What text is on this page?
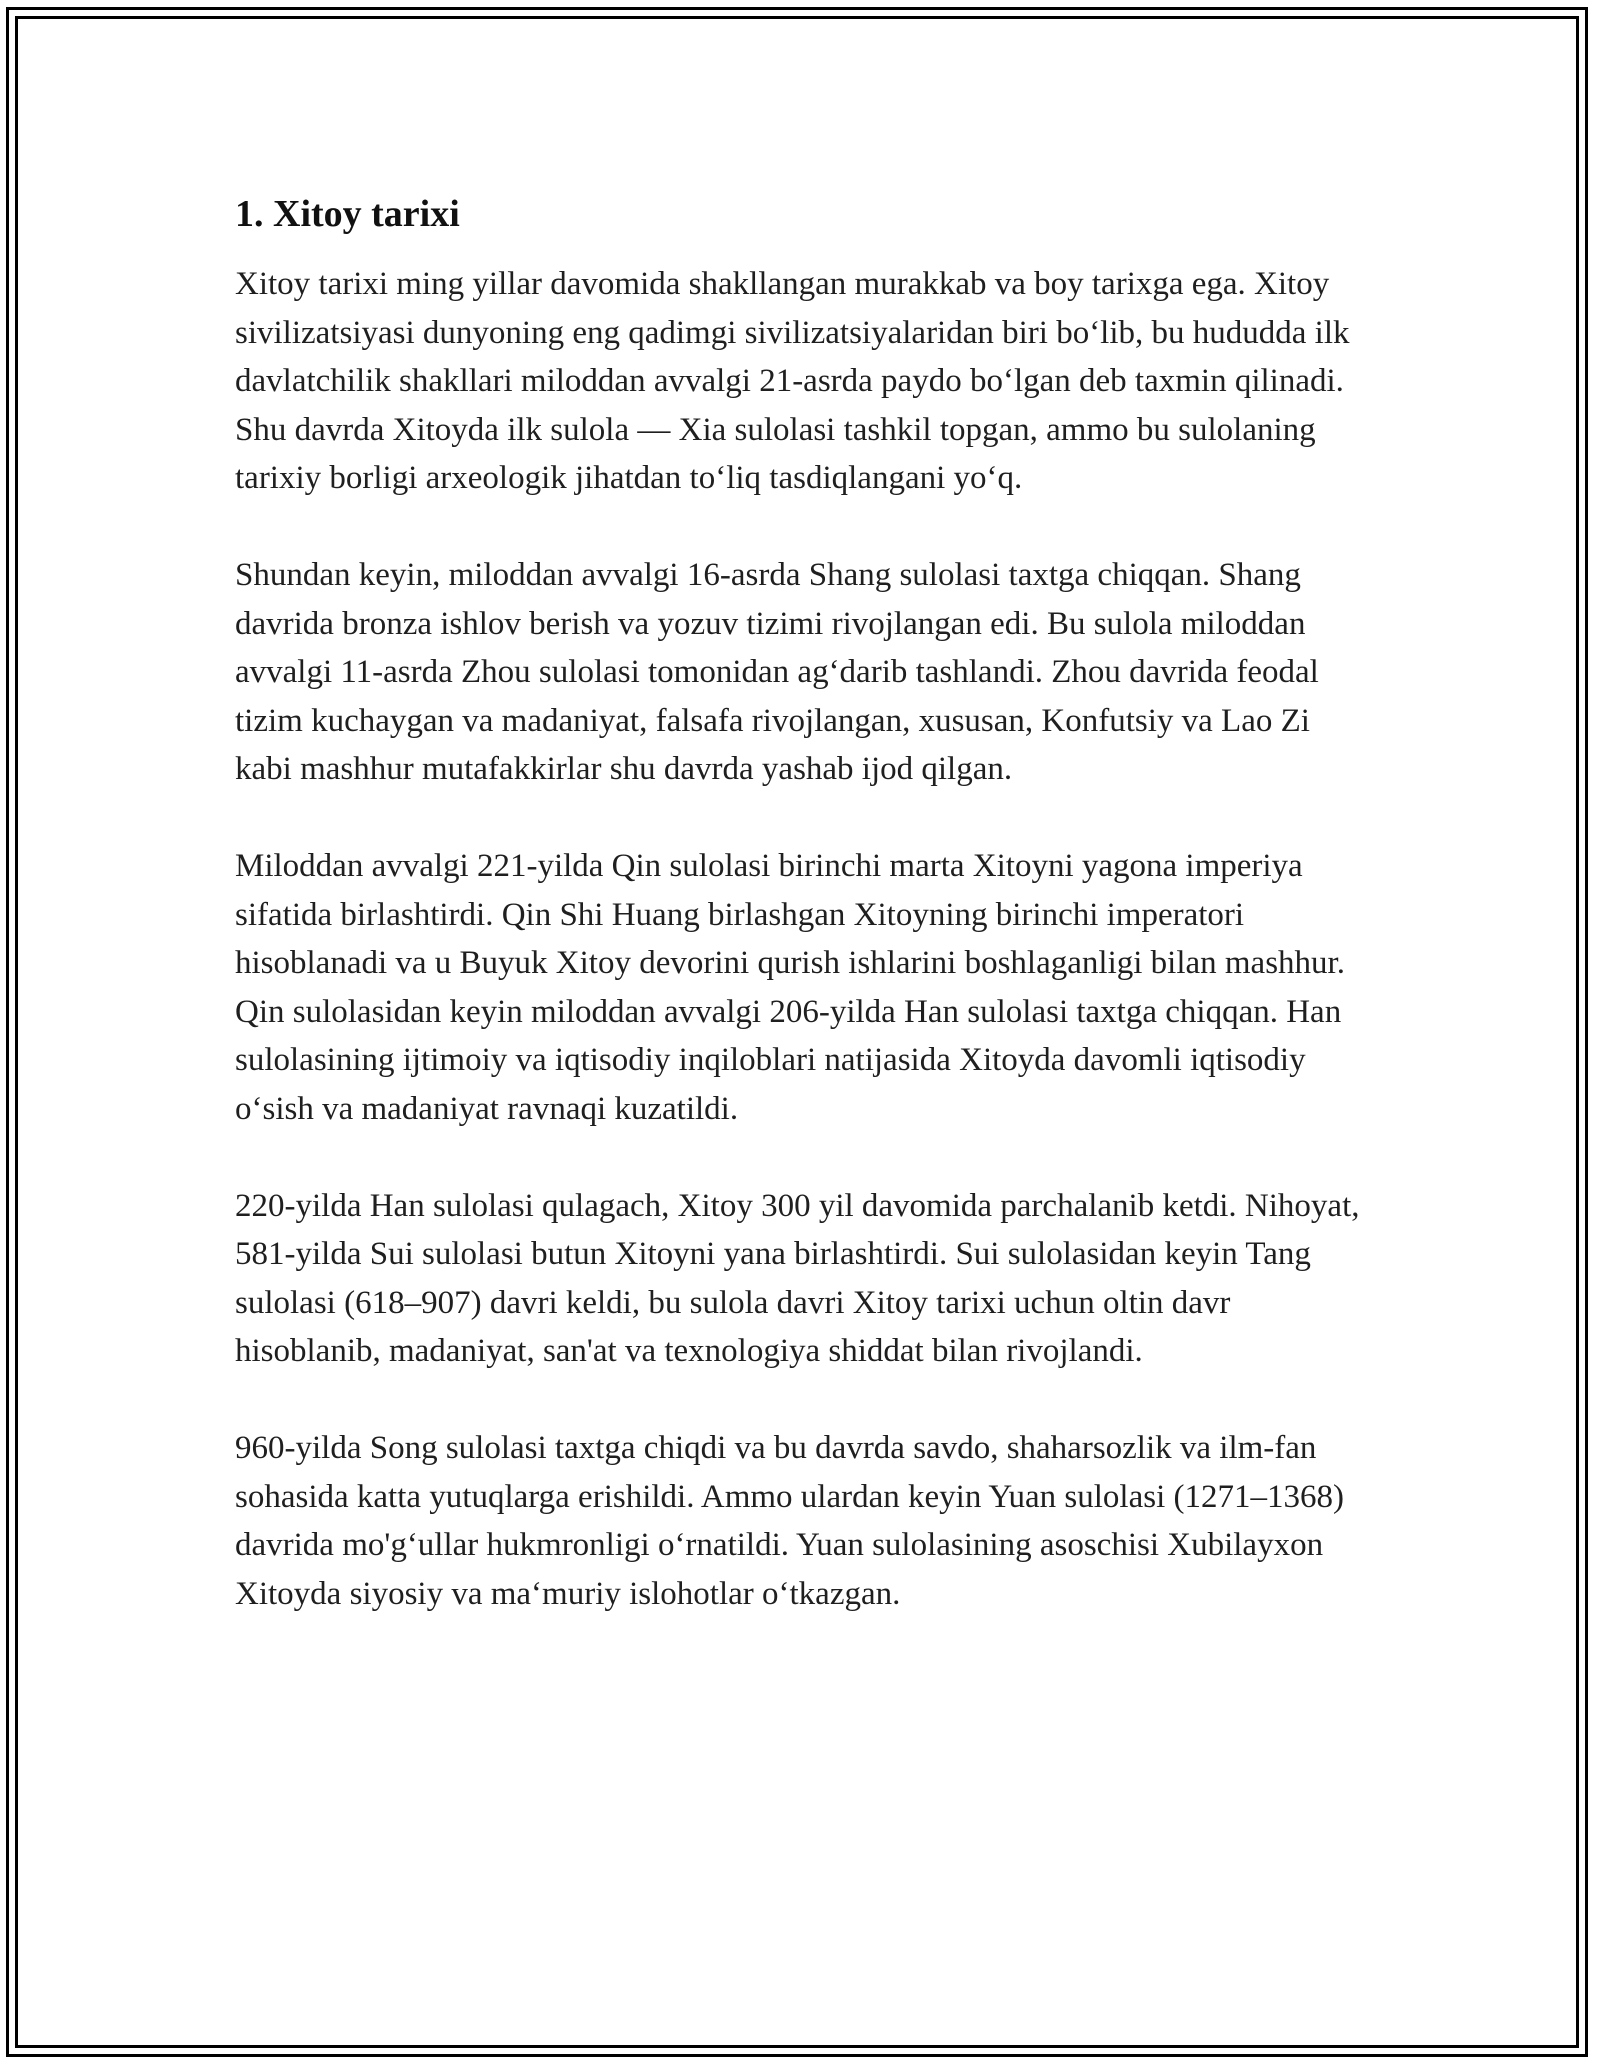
1. Xitoy tarixi

Xitoy tarixi ming yillar davomida shakllangan murakkab va boy tarixga ega. Xitoy sivilizatsiyasi dunyoning eng qadimgi sivilizatsiyalaridan biri bo‘lib, bu hududda ilk davlatchilik shakllari miloddan avvalgi 21-asrda paydo bo‘lgan deb taxmin qilinadi. Shu davrda Xitoyda ilk sulola — Xia sulolasi tashkil topgan, ammo bu sulolaning tarixiy borligi arxeologik jihatdan to‘liq tasdiqlangani yo‘q.

Shundan keyin, miloddan avvalgi 16-asrda Shang sulolasi taxtga chiqqan. Shang davrida bronza ishlov berish va yozuv tizimi rivojlangan edi. Bu sulola miloddan avvalgi 11-asrda Zhou sulolasi tomonidan ag‘darib tashlandi. Zhou davrida feodal tizim kuchaygan va madaniyat, falsafa rivojlangan, xususan, Konfutsiy va Lao Zi kabi mashhur mutafakkirlar shu davrda yashab ijod qilgan.

Miloddan avvalgi 221-yilda Qin sulolasi birinchi marta Xitoyni yagona imperiya sifatida birlashtirdi. Qin Shi Huang birlashgan Xitoyning birinchi imperatori hisoblanadi va u Buyuk Xitoy devorini qurish ishlarini boshlaganligi bilan mashhur. Qin sulolasidan keyin miloddan avvalgi 206-yilda Han sulolasi taxtga chiqqan. Han sulolasining ijtimoiy va iqtisodiy inqiloblari natijasida Xitoyda davomli iqtisodiy o‘sish va madaniyat ravnaqi kuzatildi.

220-yilda Han sulolasi qulagach, Xitoy 300 yil davomida parchalanib ketdi. Nihoyat, 581-yilda Sui sulolasi butun Xitoyni yana birlashtirdi. Sui sulolasidan keyin Tang sulolasi (618–907) davri keldi, bu sulola davri Xitoy tarixi uchun oltin davr hisoblanib, madaniyat, san'at va texnologiya shiddat bilan rivojlandi.

960-yilda Song sulolasi taxtga chiqdi va bu davrda savdo, shaharsozlik va ilm-fan sohasida katta yutuqlarga erishildi. Ammo ulardan keyin Yuan sulolasi (1271–1368) davrida mo'g‘ullar hukmronligi o‘rnatildi. Yuan sulolasining asoschisi Xubilayxon Xitoyda siyosiy va ma‘muriy islohotlar o‘tkazgan.
